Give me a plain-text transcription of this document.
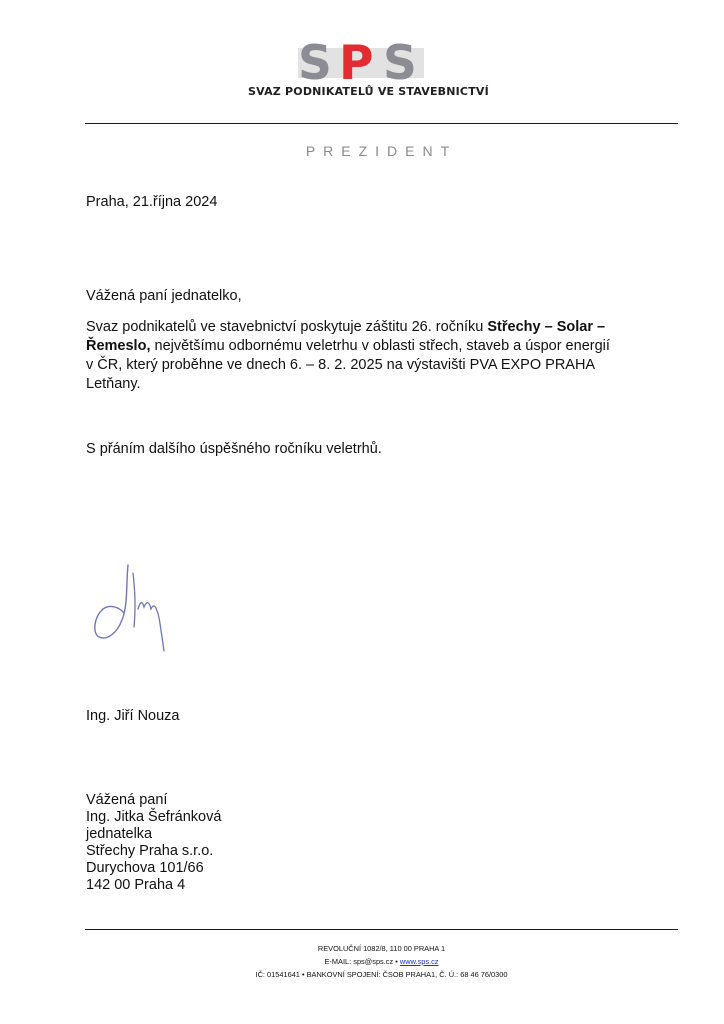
S P S
SVAZ PODNIKATELŮ VE STAVEBNICTVÍ
PREZIDENT
Praha, 21.října 2024
Vážená paní jednatelko,
Svaz podnikatelů ve stavebnictví poskytuje záštitu 26. ročníku Střechy – Solar –
Řemeslo, největšímu odbornému veletrhu v oblasti střech, staveb a úspor energií
v ČR, který proběhne ve dnech 6. – 8. 2. 2025 na výstavišti PVA EXPO PRAHA
Letňany.
S přáním dalšího úspěšného ročníku veletrhů.
Ing. Jiří Nouza
Vážená paní
Ing. Jitka Šefránková
jednatelka
Střechy Praha s.r.o.
Durychova 101/66
142 00 Praha 4
REVOLUČNÍ 1082/8, 110 00 PRAHA 1
E-MAIL: sps@sps.cz • www.sps.cz
IČ: 01541641 • BANKOVNÍ SPOJENÍ: ČSOB PRAHA1, Č. Ú.: 68 46 76/0300
